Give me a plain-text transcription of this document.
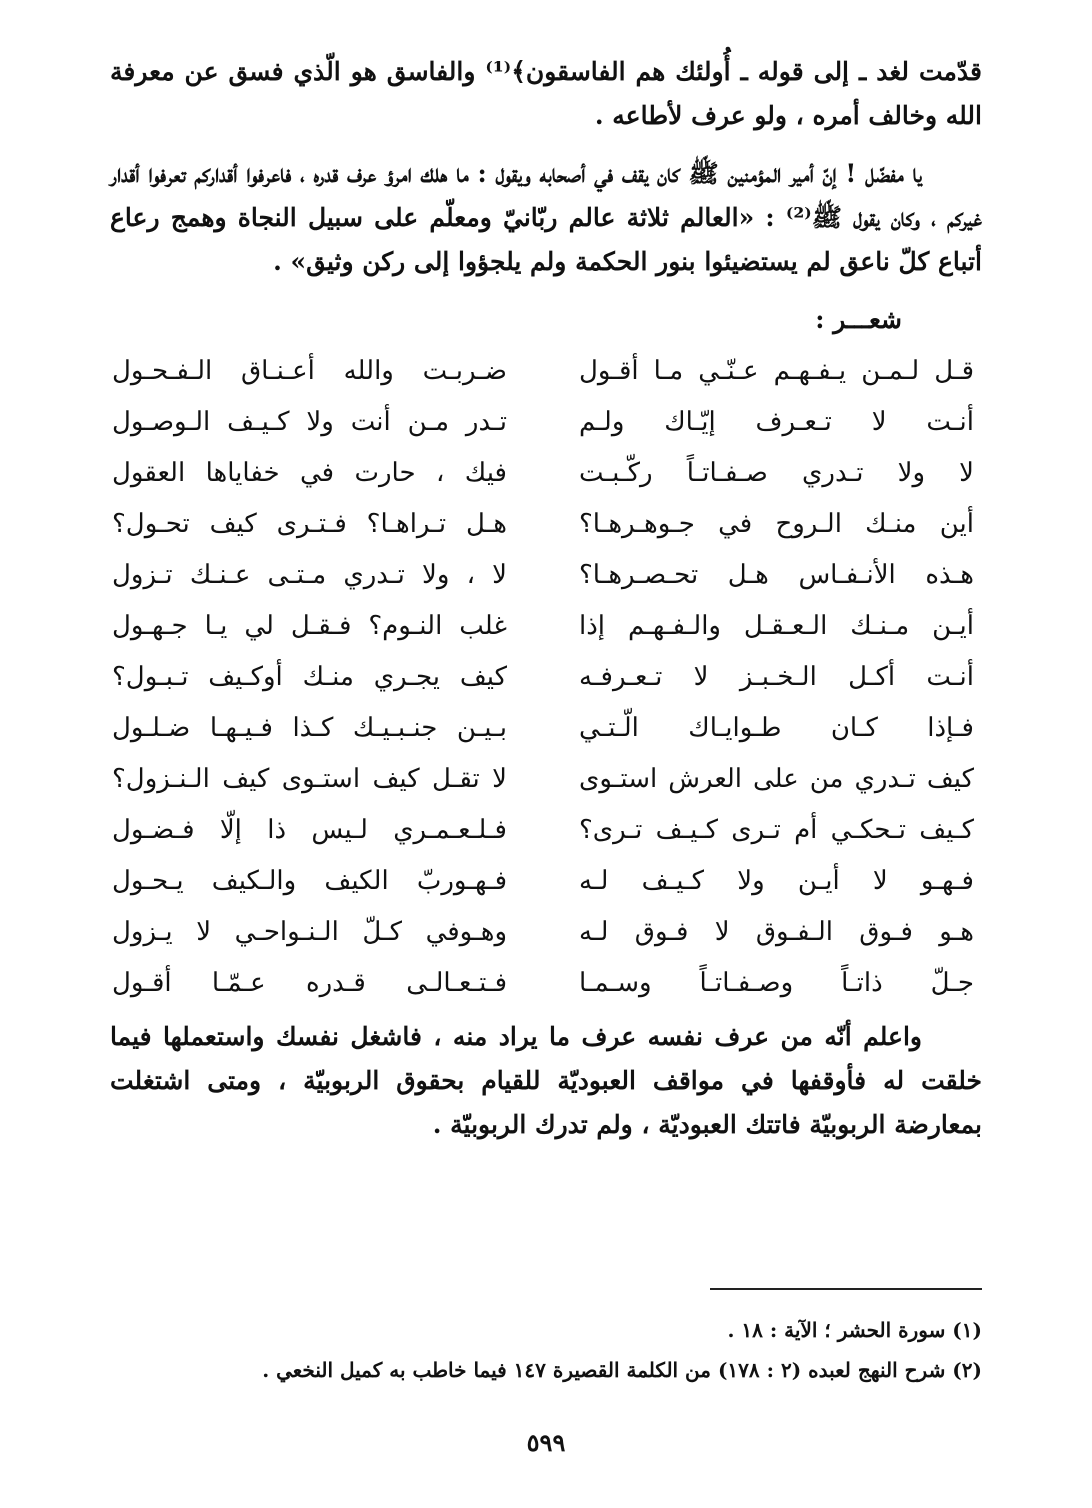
قدّمت لغد ـ إلى قوله ـ أُولئك هم الفاسقون﴾⁽¹⁾ والفاسق هو الّذي فسق عن معرفة الله وخالف أمره ، ولو عرف لأطاعه .

يا مفضّل ! إنّ أمير المؤمنين ﷺ كان يقف في أصحابه ويقول : ما هلك امرؤ عرف قدره ، فاعرفوا أقداركم تعرفوا أقدار غيركم ، وكان يقول ﷺ⁽²⁾ : «العالم ثلاثة عالم ربّانيّ ومعلّم على سبيل النجاة وهمج رعاع أتباع كلّ ناعق لم يستضيئوا بنور الحكمة ولم يلجؤوا إلى ركن وثيق» .

شعـــر :
قـل لـمـن يـفـهـم عـنّـي مـا أقـول
ضـربـت والله أعـنـاق الـفـحـول
أنـت لا تـعـرف إيّـاك ولـم
تـدر مـن أنت ولا كـيـف الـوصـول
لا ولا تـدري صـفـاتـاً ركّـبـت
فيك ، حارت في خفاياها العقول
أين منـك الـروح في جـوهـرهـا؟
هـل تـراهـا؟ فـتـرى كيف تحـول؟
هـذه الأنـفـاس هـل تحـصـرهـا؟
لا ، ولا تـدري مـتـى عـنـك تـزول
أيـن مـنـك الـعـقـل والـفـهـم إذا
غلب النـوم؟ فـقـل لي يـا جـهـول
أنـت أكـل الـخـبـز لا تـعـرفـه
كيف يجـري منـك أوكـيف تـبـول؟
فـإذا كـان طـوايـاك الّـتـي
بـيـن جنـبـيـك كـذا فـيـهـا ضـلـول
كيف تـدري من على العرش استـوى
لا تقـل كيف استـوى كيف الـنـزول؟
كـيف تـحكـي أم تـرى كـيـف تـرى؟
فـلـعـمـري لـيس ذا إلّا فـضـول
فـهـو لا أيـن ولا كـيـف لـه
فـهـوربّ الكيف والـكيف يـحـول
هـو فـوق الـفـوق لا فـوق لـه
وهـوفي كـلّ الـنـواحـي لا يـزول
جـلّ ذاتـاً وصـفـاتـاً وسـمـا
فـتـعـالـى قـدره عـمّـا أقـول

واعلم أنّه من عرف نفسه عرف ما يراد منه ، فاشغل نفسك واستعملها فيما خلقت له فأوقفها في مواقف العبوديّة للقيام بحقوق الربوبيّة ، ومتى اشتغلت بمعارضة الربوبيّة فاتتك العبوديّة ، ولم تدرك الربوبيّة .

(١) سورة الحشر ؛ الآية : ١٨ .

(٢) شرح النهج لعبده (٢ : ١٧٨) من الكلمة القصيرة ١٤٧ فيما خاطب به كميل النخعي .

٥٩٩
